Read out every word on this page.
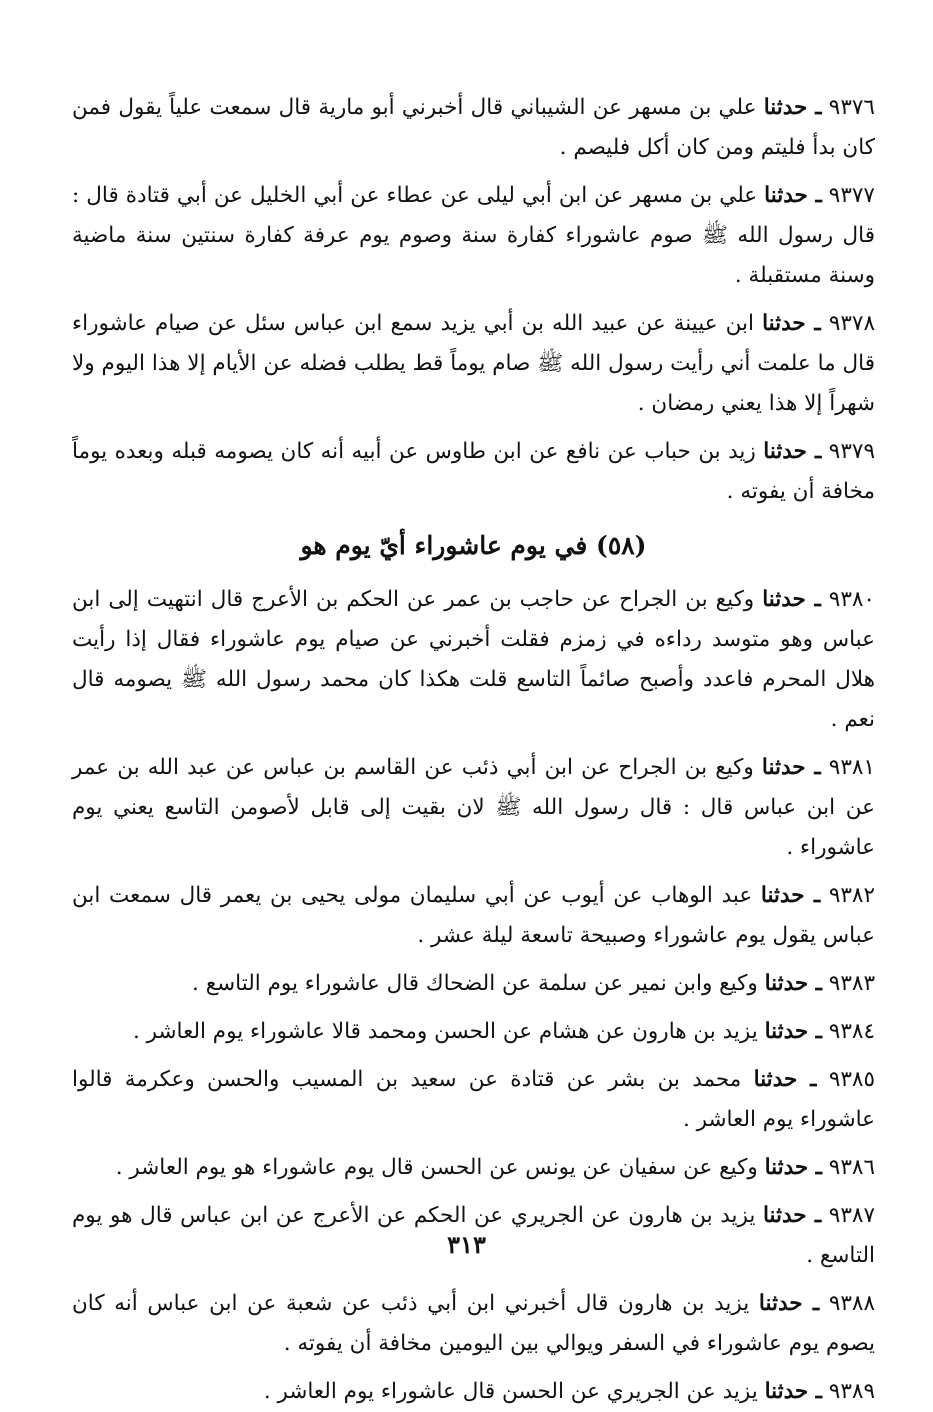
٩٣٧٦ ـ حدثنا علي بن مسهر عن الشيباني قال أخبرني أبو مارية قال سمعت علياً يقول فمن كان بدأ فليتم ومن كان أكل فليصم .

٩٣٧٧ ـ حدثنا علي بن مسهر عن ابن أبي ليلى عن عطاء عن أبي الخليل عن أبي قتادة قال : قال رسول الله ﷺ صوم عاشوراء كفارة سنة وصوم يوم عرفة كفارة سنتين سنة ماضية وسنة مستقبلة .

٩٣٧٨ ـ حدثنا ابن عيينة عن عبيد الله بن أبي يزيد سمع ابن عباس سئل عن صيام عاشوراء قال ما علمت أني رأيت رسول الله ﷺ صام يوماً قط يطلب فضله عن الأيام إلا هذا اليوم ولا شهراً إلا هذا يعني رمضان .

٩٣٧٩ ـ حدثنا زيد بن حباب عن نافع عن ابن طاوس عن أبيه أنه كان يصومه قبله وبعده يوماً مخافة أن يفوته .

(٥٨) في يوم عاشوراء أيّ يوم هو

٩٣٨٠ ـ حدثنا وكيع بن الجراح عن حاجب بن عمر عن الحكم بن الأعرج قال انتهيت إلى ابن عباس وهو متوسد رداءه في زمزم فقلت أخبرني عن صيام يوم عاشوراء فقال إذا رأيت هلال المحرم فاعدد وأصبح صائماً التاسع قلت هكذا كان محمد رسول الله ﷺ يصومه قال نعم .

٩٣٨١ ـ حدثنا وكيع بن الجراح عن ابن أبي ذئب عن القاسم بن عباس عن عبد الله بن عمر عن ابن عباس قال : قال رسول الله ﷺ لان بقيت إلى قابل لأصومن التاسع يعني يوم عاشوراء .

٩٣٨٢ ـ حدثنا عبد الوهاب عن أيوب عن أبي سليمان مولى يحيى بن يعمر قال سمعت ابن عباس يقول يوم عاشوراء وصبيحة تاسعة ليلة عشر .

٩٣٨٣ ـ حدثنا وكيع وابن نمير عن سلمة عن الضحاك قال عاشوراء يوم التاسع .

٩٣٨٤ ـ حدثنا يزيد بن هارون عن هشام عن الحسن ومحمد قالا عاشوراء يوم العاشر .

٩٣٨٥ ـ حدثنا محمد بن بشر عن قتادة عن سعيد بن المسيب والحسن وعكرمة قالوا عاشوراء يوم العاشر .

٩٣٨٦ ـ حدثنا وكيع عن سفيان عن يونس عن الحسن قال يوم عاشوراء هو يوم العاشر .

٩٣٨٧ ـ حدثنا يزيد بن هارون عن الجريري عن الحكم عن الأعرج عن ابن عباس قال هو يوم التاسع .

٩٣٨٨ ـ حدثنا يزيد بن هارون قال أخبرني ابن أبي ذئب عن شعبة عن ابن عباس أنه كان يصوم يوم عاشوراء في السفر ويوالي بين اليومين مخافة أن يفوته .

٩٣٨٩ ـ حدثنا يزيد عن الجريري عن الحسن قال عاشوراء يوم العاشر .

٣١٣
